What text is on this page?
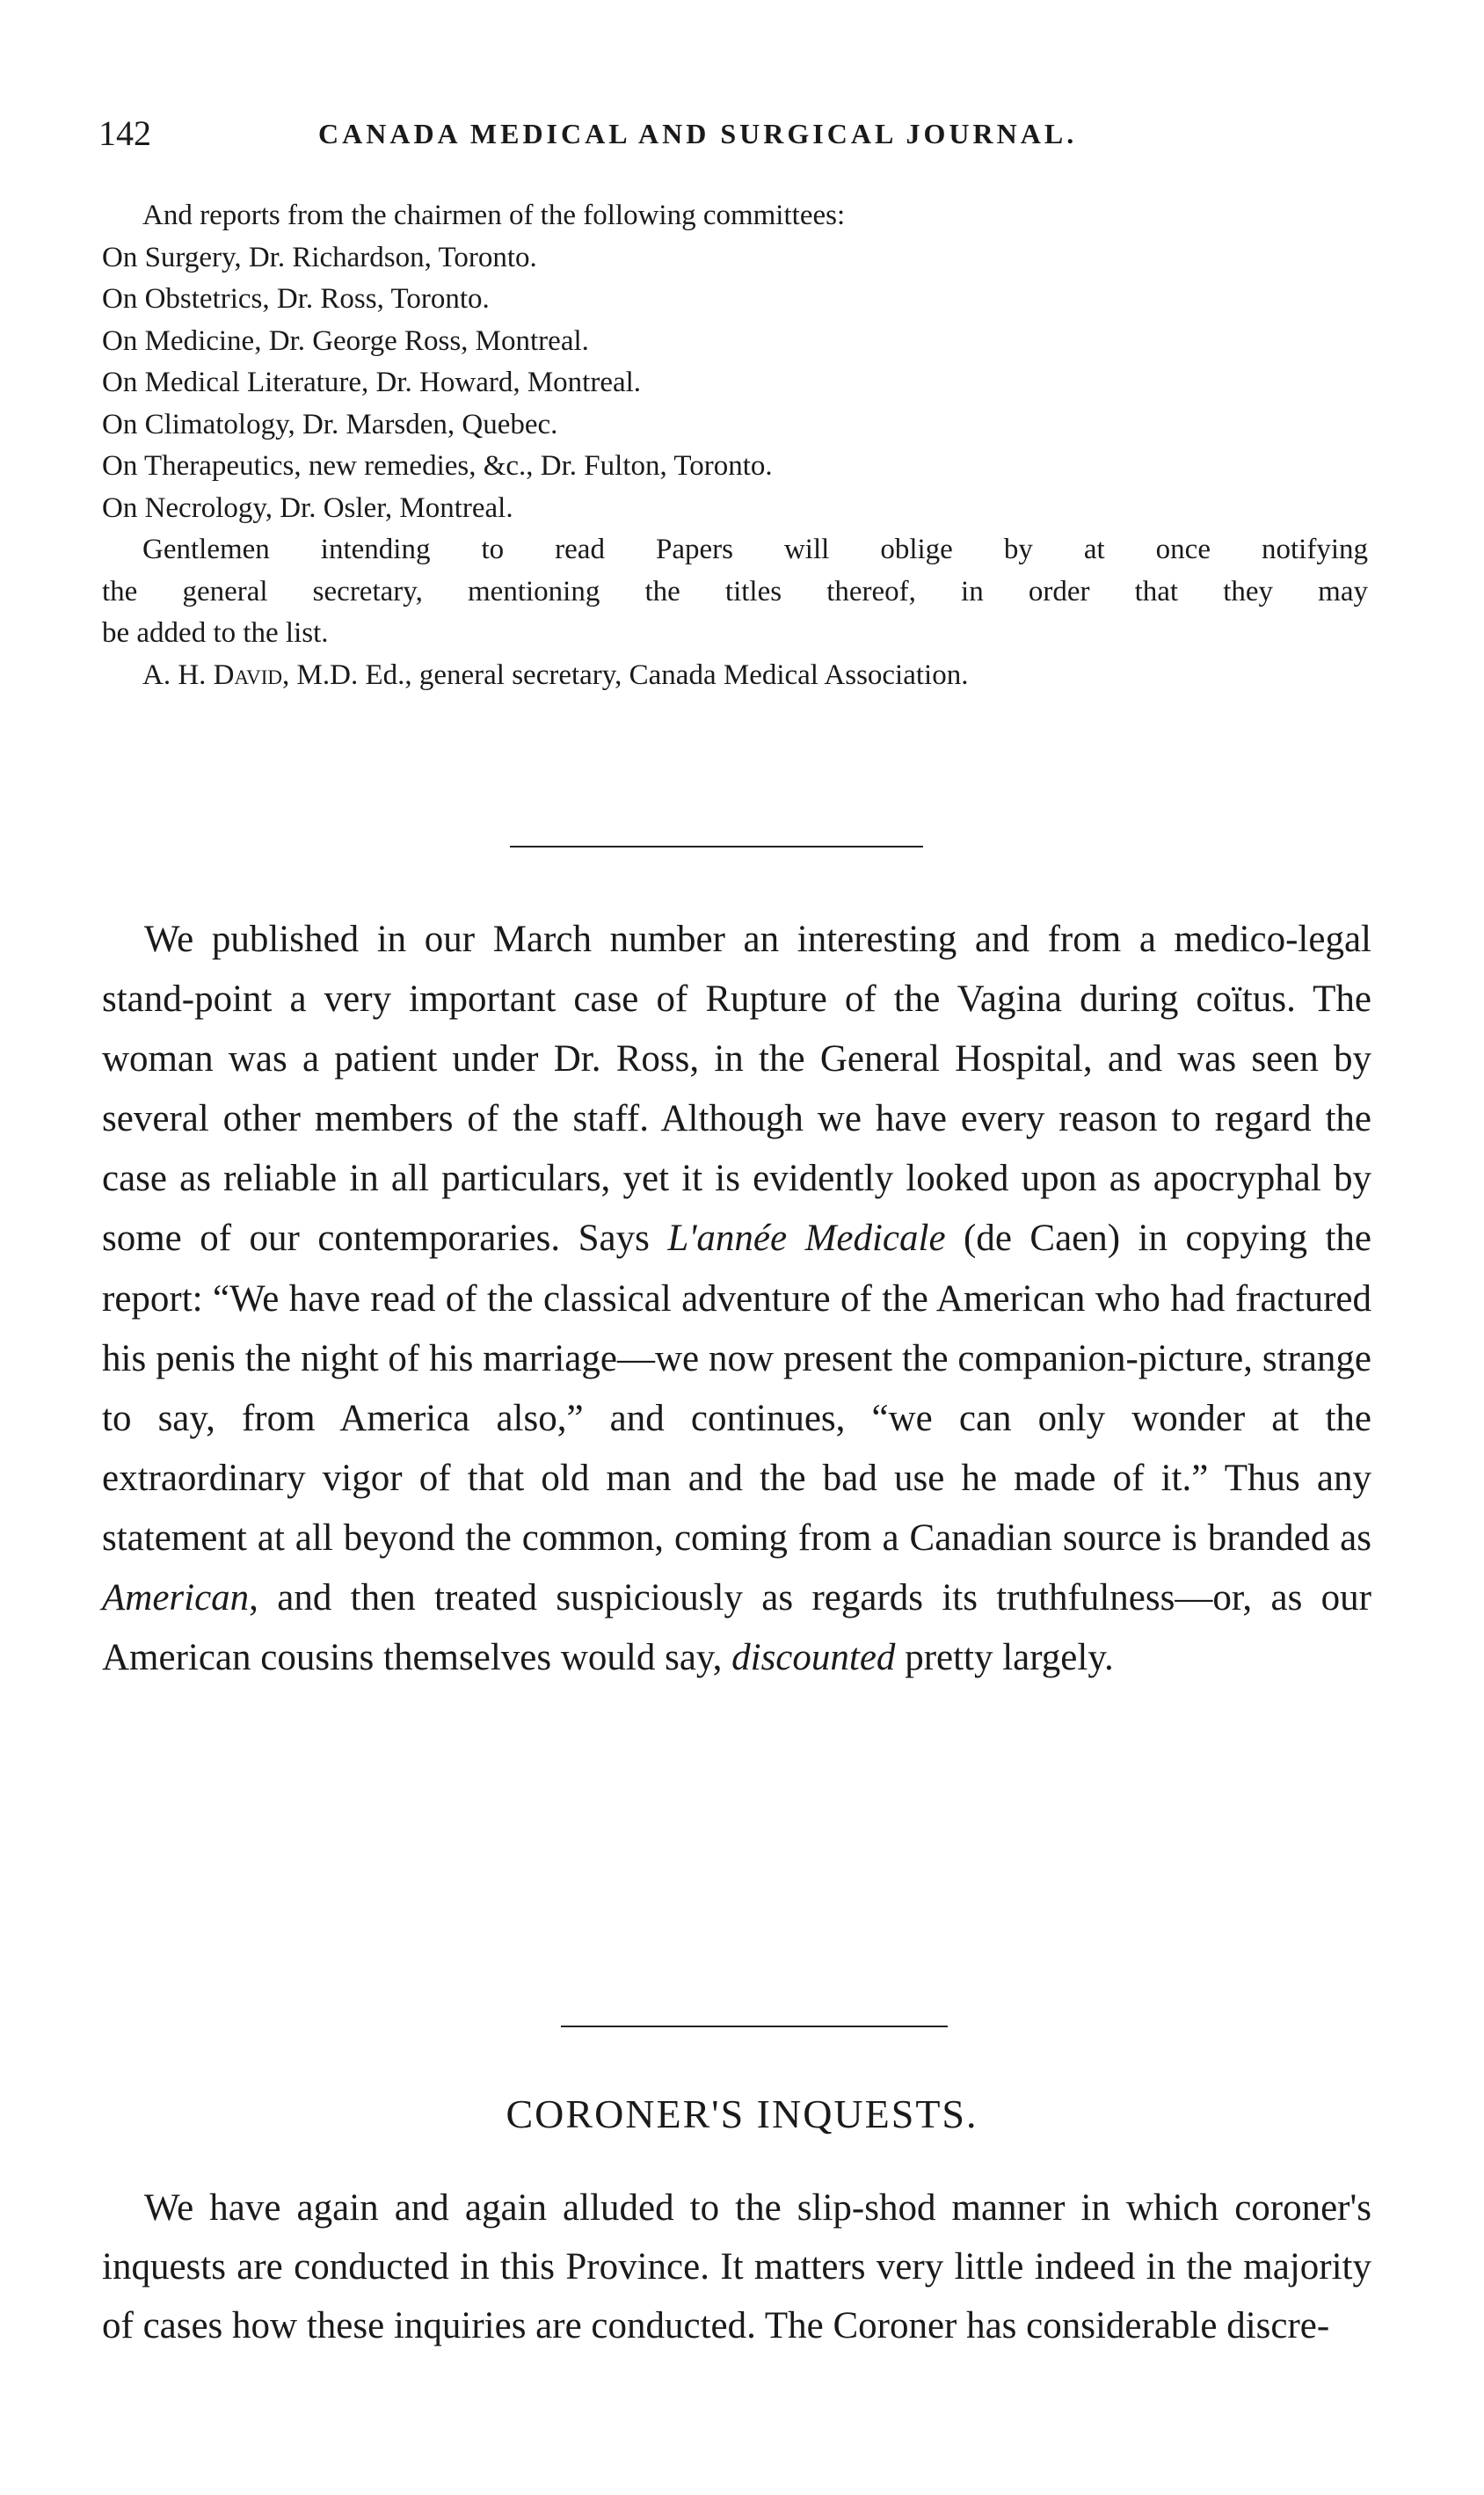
142	CANADA MEDICAL AND SURGICAL JOURNAL.

And reports from the chairmen of the following committees:

On Surgery, Dr. Richardson, Toronto.

On Obstetrics, Dr. Ross, Toronto.

On Medicine, Dr. George Ross, Montreal.

On Medical Literature, Dr. Howard, Montreal.

On Climatology, Dr. Marsden, Quebec.

On Therapeutics, new remedies, &c., Dr. Fulton, Toronto.

On Necrology, Dr. Osler, Montreal.

Gentlemen intending to read Papers will oblige by at once notifying

the general secretary, mentioning the titles thereof, in order that they may

be added to the list.

A. H. David, M.D. Ed., general secretary, Canada Medical Association.

We published in our March number an interesting and from a medico-legal stand-point a very important case of Rupture of the Vagina during coïtus. The woman was a patient under Dr. Ross, in the General Hospital, and was seen by several other members of the staff. Although we have every reason to regard the case as reliable in all particulars, yet it is evidently looked upon as apocryphal by some of our contemporaries. Says L'année Medicale (de Caen) in copying the report: “We have read of the classical adventure of the American who had fractured his penis the night of his marriage—we now present the companion-picture, strange to say, from America also,” and continues, “we can only wonder at the extraordinary vigor of that old man and the bad use he made of it.” Thus any statement at all beyond the common, coming from a Canadian source is branded as American, and then treated suspiciously as regards its truthfulness—or, as our American cousins themselves would say, discounted pretty largely.

CORONER'S INQUESTS.

We have again and again alluded to the slip-shod manner in which coroner's inquests are conducted in this Province. It matters very little indeed in the majority of cases how these inquiries are conducted. The Coroner has considerable discre-
